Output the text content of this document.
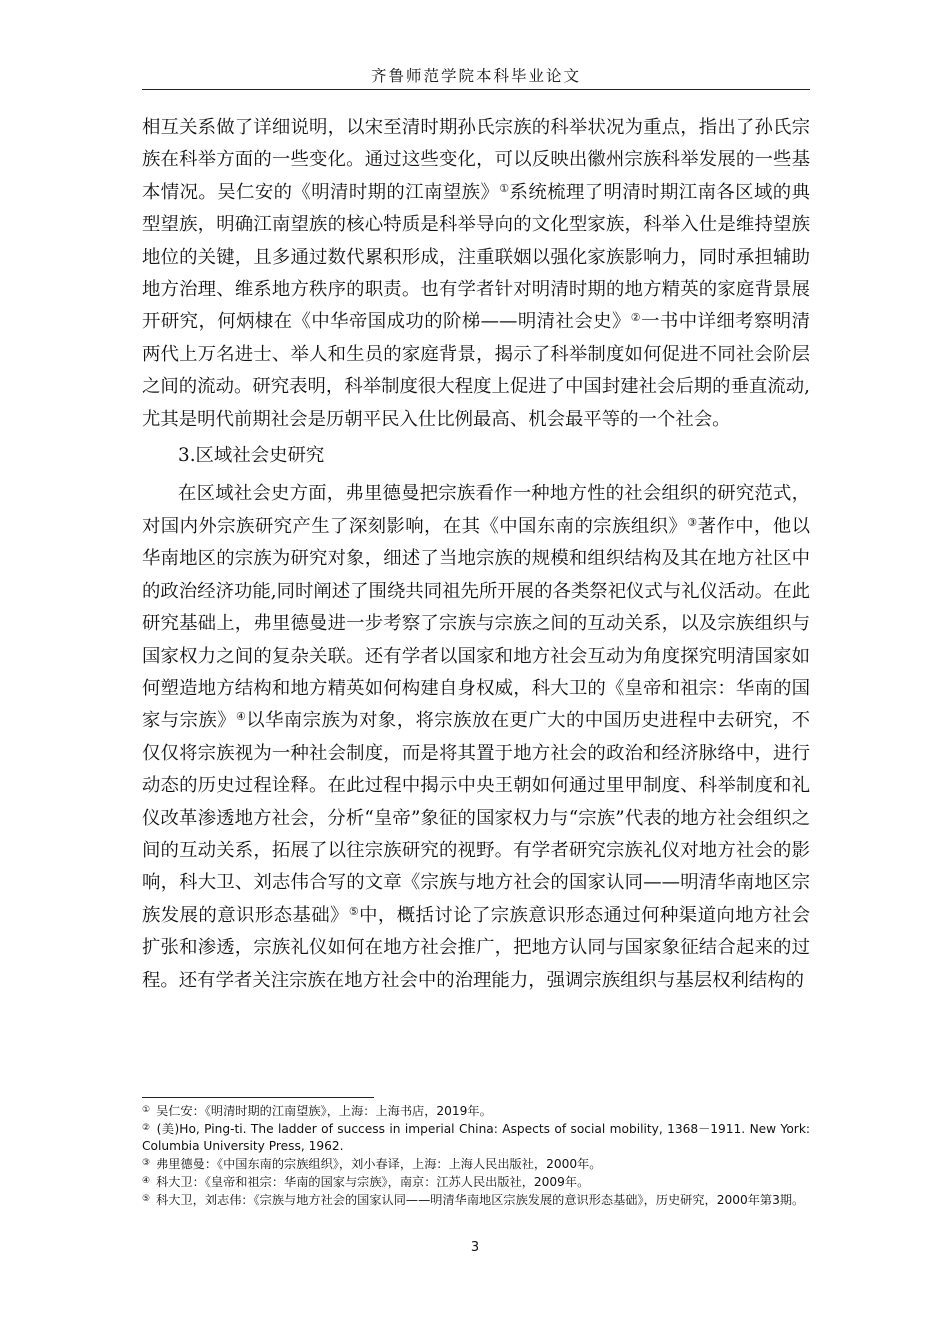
齐鲁师范学院本科毕业论文

相互关系做了详细说明，以宋至清时期孙氏宗族的科举状况为重点，指出了孙氏宗族在科举方面的一些变化。通过这些变化，可以反映出徽州宗族科举发展的一些基本情况。吴仁安的《明清时期的江南望族》①系统梳理了明清时期江南各区域的典型望族，明确江南望族的核心特质是科举导向的文化型家族，科举入仕是维持望族地位的关键，且多通过数代累积形成，注重联姻以强化家族影响力，同时承担辅助地方治理、维系地方秩序的职责。也有学者针对明清时期的地方精英的家庭背景展开研究，何炳棣在《中华帝国成功的阶梯——明清社会史》②一书中详细考察明清两代上万名进士、举人和生员的家庭背景，揭示了科举制度如何促进不同社会阶层之间的流动。研究表明，科举制度很大程度上促进了中国封建社会后期的垂直流动,尤其是明代前期社会是历朝平民入仕比例最高、机会最平等的一个社会。

3.区域社会史研究

在区域社会史方面，弗里德曼把宗族看作一种地方性的社会组织的研究范式，对国内外宗族研究产生了深刻影响，在其《中国东南的宗族组织》③著作中，他以华南地区的宗族为研究对象，细述了当地宗族的规模和组织结构及其在地方社区中的政治经济功能,同时阐述了围绕共同祖先所开展的各类祭祀仪式与礼仪活动。在此研究基础上，弗里德曼进一步考察了宗族与宗族之间的互动关系，以及宗族组织与国家权力之间的复杂关联。还有学者以国家和地方社会互动为角度探究明清国家如何塑造地方结构和地方精英如何构建自身权威，科大卫的《皇帝和祖宗：华南的国家与宗族》④以华南宗族为对象，将宗族放在更广大的中国历史进程中去研究，不仅仅将宗族视为一种社会制度，而是将其置于地方社会的政治和经济脉络中，进行动态的历史过程诠释。在此过程中揭示中央王朝如何通过里甲制度、科举制度和礼仪改革渗透地方社会，分析“皇帝”象征的国家权力与“宗族”代表的地方社会组织之间的互动关系，拓展了以往宗族研究的视野。有学者研究宗族礼仪对地方社会的影响，科大卫、刘志伟合写的文章《宗族与地方社会的国家认同——明清华南地区宗族发展的意识形态基础》⑤中，概括讨论了宗族意识形态通过何种渠道向地方社会扩张和渗透，宗族礼仪如何在地方社会推广，把地方认同与国家象征结合起来的过程。还有学者关注宗族在地方社会中的治理能力，强调宗族组织与基层权利结构的

① 吴仁安：《明清时期的江南望族》，上海：上海书店，2019年。

② (美)Ho, Ping-ti. The ladder of success in imperial China: Aspects of social mobility, 1368－1911. New York: Columbia University Press, 1962.

③ 弗里德曼：《中国东南的宗族组织》，刘小春译，上海：上海人民出版社，2000年。

④ 科大卫：《皇帝和祖宗：华南的国家与宗族》，南京：江苏人民出版社，2009年。

⑤ 科大卫，刘志伟：《宗族与地方社会的国家认同——明清华南地区宗族发展的意识形态基础》，历史研究，2000年第3期。

3
